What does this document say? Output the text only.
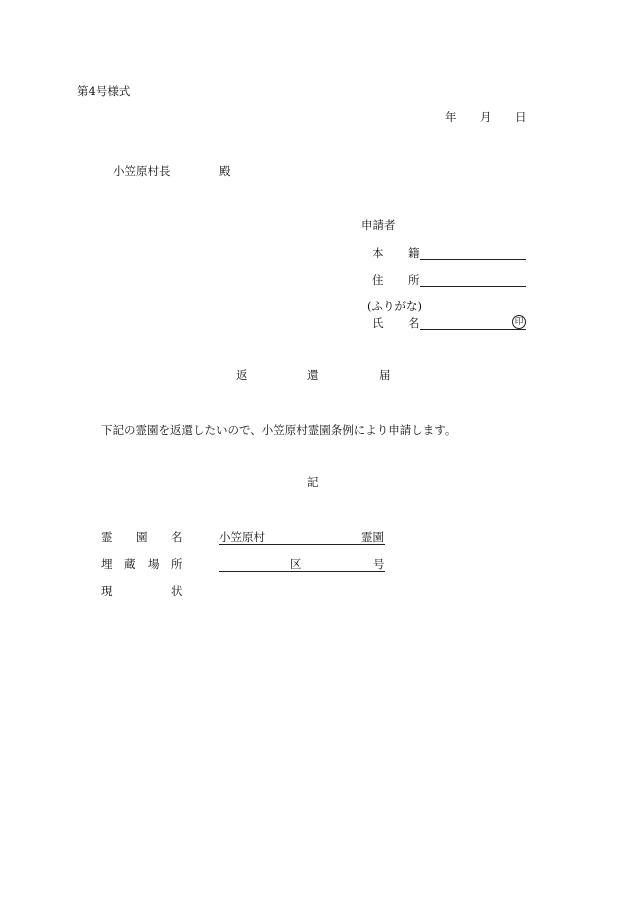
第4号様式
年 月 日
小笠原村長	殿
申請者
本 籍
住 所
(ふりがな)
氏 名	印
返	還	届
下記の霊園を返還したいので、小笠原村霊園条例により申請します。
記
霊 園 名	小笠原村	霊園
埋 蔵 場 所	区	号
現	状
